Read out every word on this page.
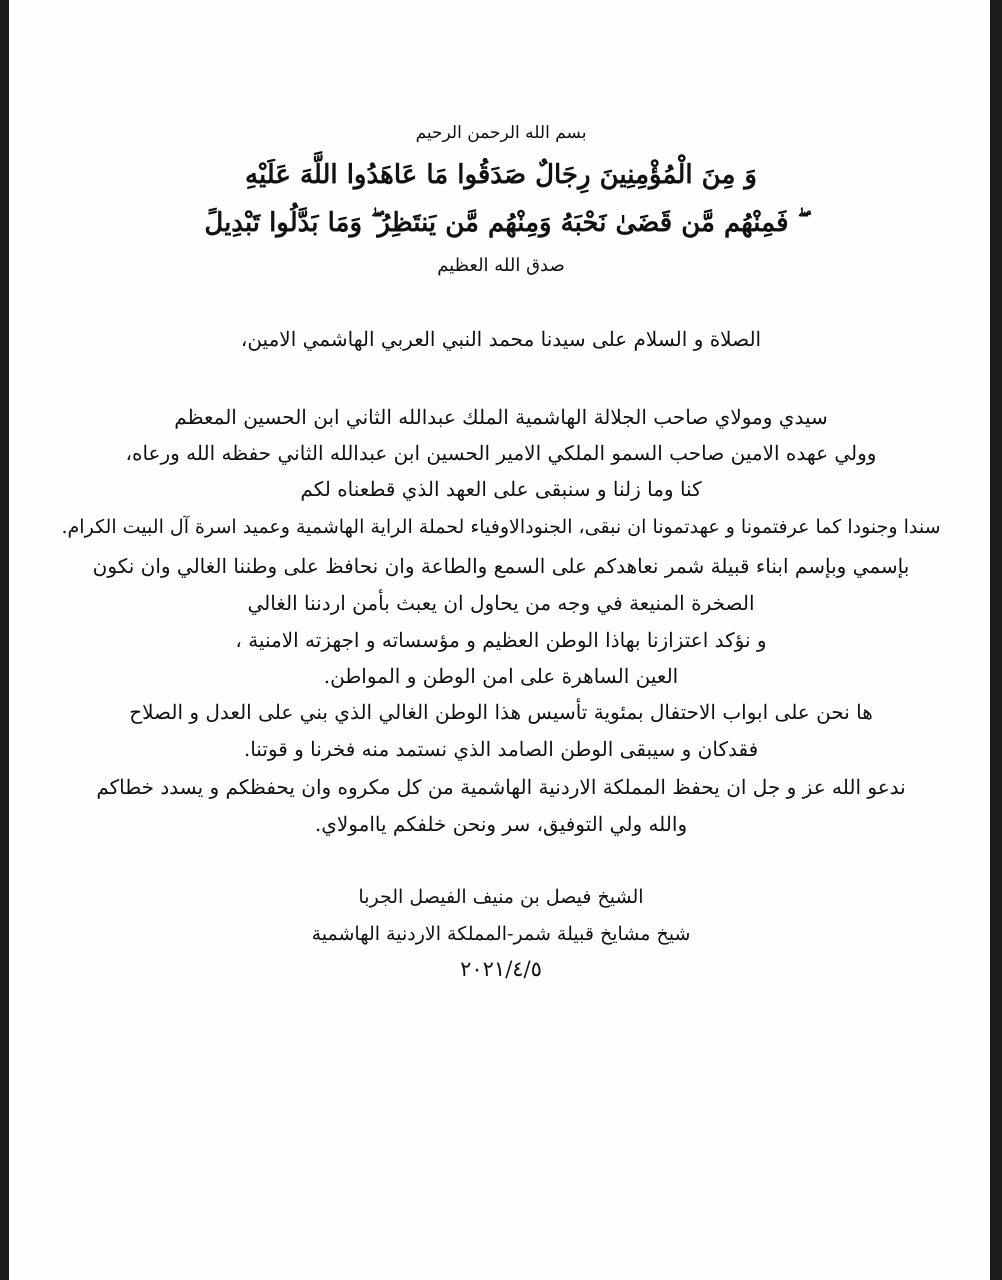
بسم الله الرحمن الرحيم
وَ مِنَ الْمُؤْمِنِينَ رِجَالٌ صَدَقُوا مَا عَاهَدُوا اللَّهَ عَلَيْهِ
ۖ فَمِنْهُم مَّن قَضَىٰ نَحْبَهُ وَمِنْهُم مَّن يَنتَظِرُ ۖ وَمَا بَدَّلُوا تَبْدِيلً
صدق الله العظيم
الصلاة و السلام على سيدنا محمد النبي العربي الهاشمي الامين،
سيدي ومولاي صاحب الجلالة الهاشمية الملك عبدالله الثاني ابن الحسين المعظم
وولي عهده الامين صاحب السمو الملكي الامير الحسين ابن عبدالله الثاني حفظه الله ورعاه،
كنا وما زلنا و سنبقى على العهد الذي قطعناه لكم
سندا وجنودا كما عرفتمونا و عهدتمونا ان نبقى، الجنودالاوفياء لحملة الراية الهاشمية وعميد اسرة آل البيت الكرام.
بإسمي وبإسم ابناء قبيلة شمر نعاهدكم على السمع والطاعة وان نحافظ على وطننا الغالي وان نكون
الصخرة المنيعة في وجه من يحاول ان يعبث بأمن اردننا الغالي
و نؤكد اعتزازنا بهاذا الوطن العظيم و مؤسساته و اجهزته الامنية ،
العين الساهرة على امن الوطن و المواطن.
ها نحن على ابواب الاحتفال بمئوية تأسيس هذا الوطن الغالي الذي بني على العدل و الصلاح
فقدكان و سيبقى الوطن الصامد الذي نستمد منه فخرنا و قوتنا.
ندعو الله عز و جل ان يحفظ المملكة الاردنية الهاشمية من كل مكروه وان يحفظكم و يسدد خطاكم
والله ولي التوفيق، سر ونحن خلفكم ياامولاي.
الشيخ فيصل بن منيف الفيصل الجربا
شيخ مشايخ قبيلة شمر-المملكة الاردنية الهاشمية
٢٠٢١/٤/٥
